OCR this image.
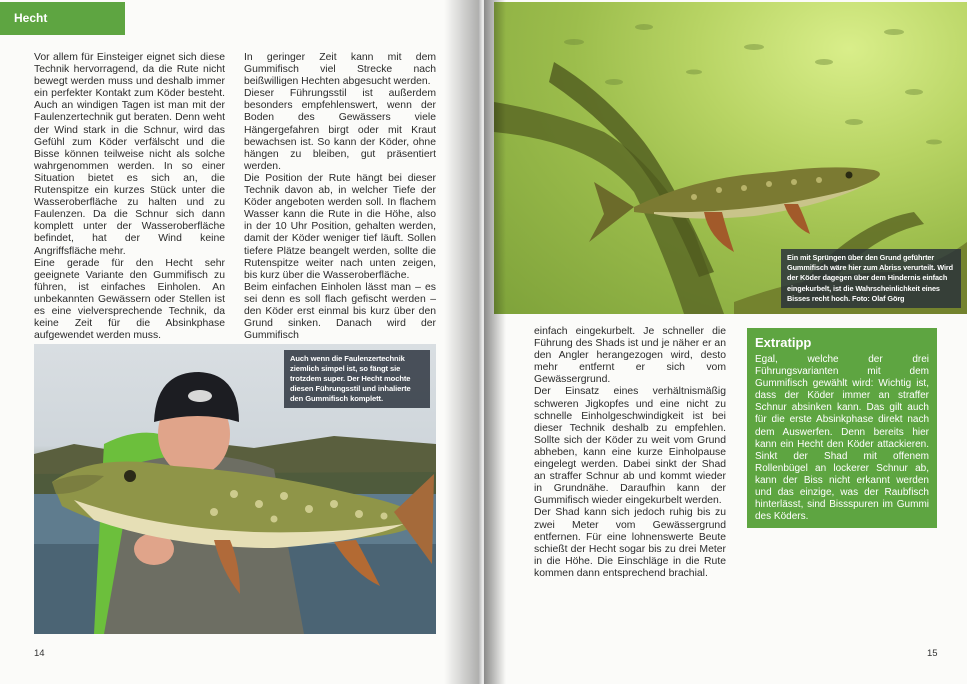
Hecht

Vor allem für Einsteiger eignet sich diese Technik hervorragend, da die Rute nicht bewegt werden muss und deshalb immer ein perfekter Kontakt zum Köder besteht. Auch an windigen Tagen ist man mit der Faulenzertechnik gut beraten. Denn weht der Wind stark in die Schnur, wird das Gefühl zum Köder verfälscht und die Bisse können teilweise nicht als solche wahrgenommen werden. In so einer Situation bietet es sich an, die Rutenspitze ein kurzes Stück unter die Wasseroberfläche zu halten und zu Faulenzen. Da die Schnur sich dann komplett unter der Wasseroberfläche befindet, hat der Wind keine Angriffsfläche mehr.

Eine gerade für den Hecht sehr geeignete Variante den Gummifisch zu führen, ist einfaches Einholen. An unbekannten Gewässern oder Stellen ist es eine vielversprechende Technik, da keine Zeit für die Absinkphase aufgewendet werden muss.

In geringer Zeit kann mit dem Gummifisch viel Strecke nach beißwilligen Hechten abgesucht werden.

Dieser Führungsstil ist außerdem besonders empfehlenswert, wenn der Boden des Gewässers viele Hängergefahren birgt oder mit Kraut bewachsen ist. So kann der Köder, ohne hängen zu bleiben, gut präsentiert werden.

Die Position der Rute hängt bei dieser Technik davon ab, in welcher Tiefe der Köder angeboten werden soll. In flachem Wasser kann die Rute in die Höhe, also in der 10 Uhr Position, gehalten werden, damit der Köder weniger tief läuft. Sollen tiefere Plätze beangelt werden, sollte die Rutenspitze weiter nach unten zeigen, bis kurz über die Wasseroberfläche.

Beim einfachen Einholen lässt man – es sei denn es soll flach gefischt werden – den Köder erst einmal bis kurz über den Grund sinken. Danach wird der Gummifisch

Auch wenn die Faulenzertechnik ziemlich simpel ist, so fängt sie trotzdem super. Der Hecht mochte diesen Führungsstil und inhalierte den Gummifisch komplett.
14
Ein mit Sprüngen über den Grund geführter Gummifisch wäre hier zum Abriss verurteilt. Wird der Köder dagegen über dem Hindernis einfach eingekurbelt, ist die Wahrscheinlichkeit eines Bisses recht hoch. Foto: Olaf Görg

einfach eingekurbelt. Je schneller die Führung des Shads ist und je näher er an den Angler herangezogen wird, desto mehr entfernt er sich vom Gewässergrund.

Der Einsatz eines verhältnismäßig schweren Jigkopfes und eine nicht zu schnelle Einholgeschwindigkeit ist bei dieser Technik deshalb zu empfehlen. Sollte sich der Köder zu weit vom Grund abheben, kann eine kurze Einholpause eingelegt werden. Dabei sinkt der Shad an straffer Schnur ab und kommt wieder in Grundnähe. Daraufhin kann der Gummifisch wieder eingekurbelt werden.

Der Shad kann sich jedoch ruhig bis zu zwei Meter vom Gewässergrund entfernen. Für eine lohnenswerte Beute schießt der Hecht sogar bis zu drei Meter in die Höhe. Die Einschläge in die Rute kommen dann entsprechend brachial.

Extratipp

Egal, welche der drei Führungsvarianten mit dem Gummifisch gewählt wird: Wichtig ist, dass der Köder immer an straffer Schnur absinken kann. Das gilt auch für die erste Absinkphase direkt nach dem Auswerfen. Denn bereits hier kann ein Hecht den Köder attackieren. Sinkt der Shad mit offenem Rollenbügel an lockerer Schnur ab, kann der Biss nicht erkannt werden und das einzige, was der Raubfisch hinterlässt, sind Bissspuren im Gummi des Köders.

15
